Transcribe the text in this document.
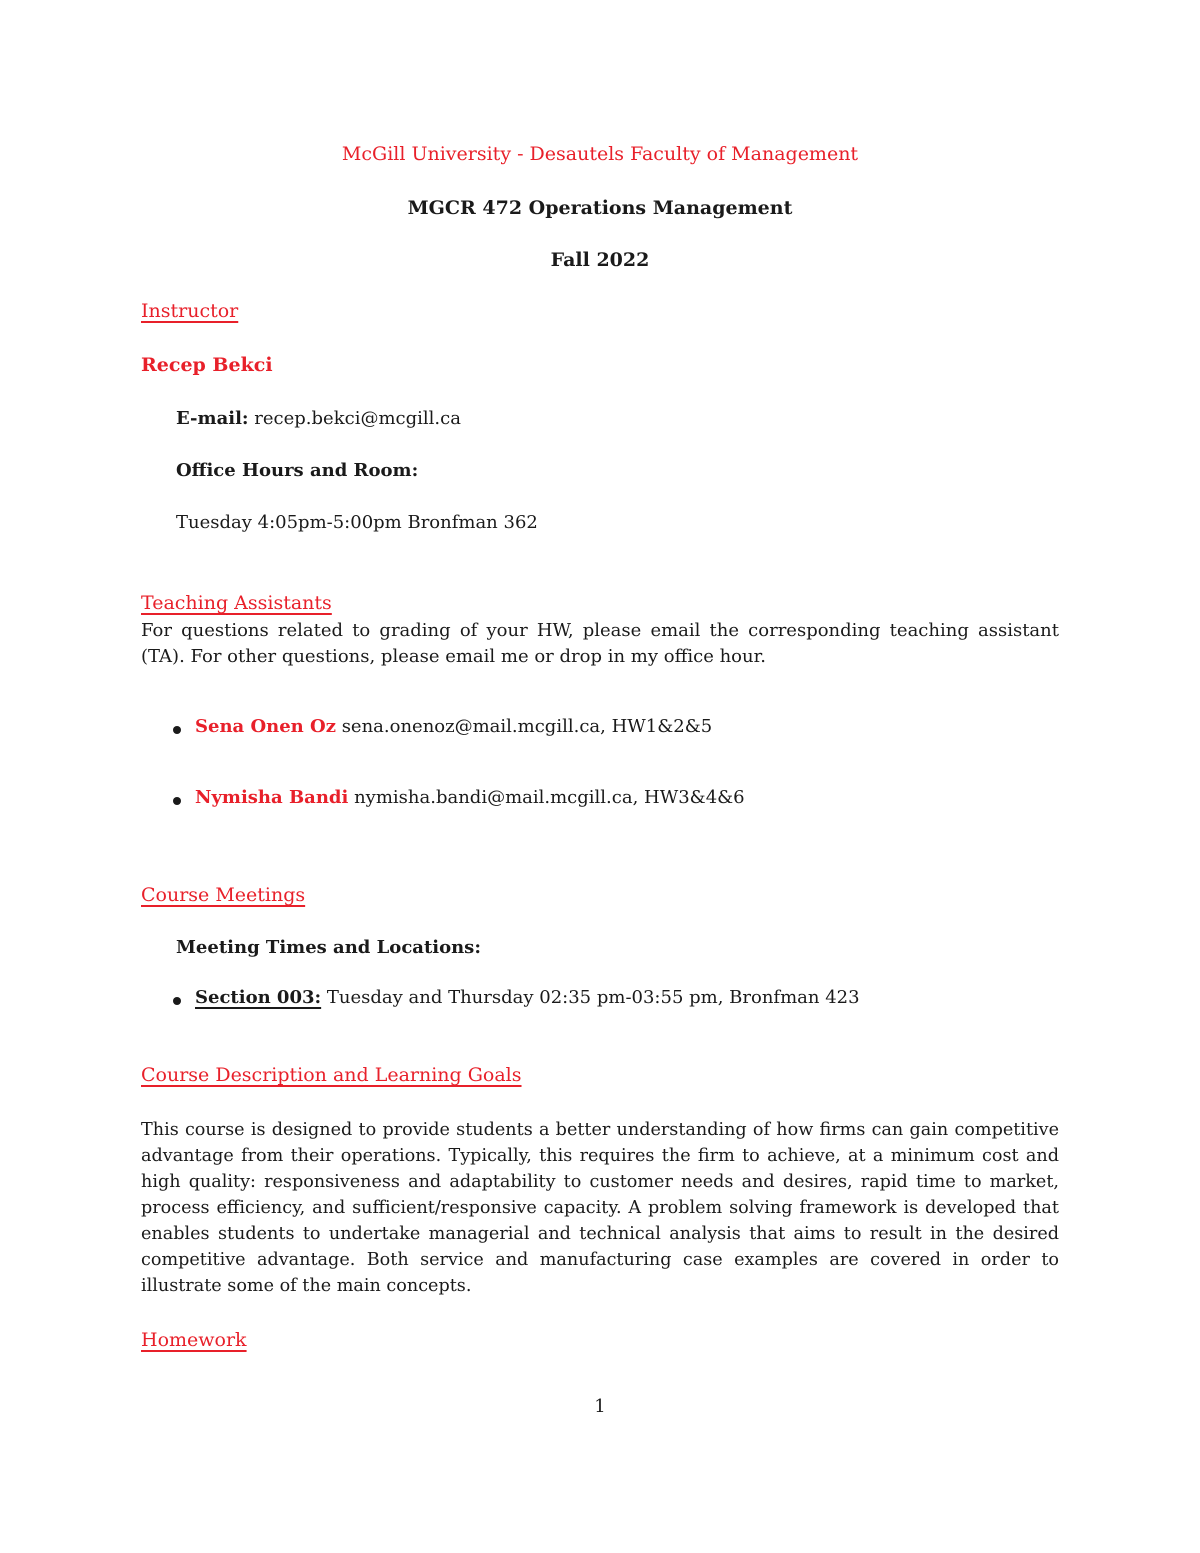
McGill University - Desautels Faculty of Management
MGCR 472 Operations Management
Fall 2022
Instructor
Recep Bekci
E-mail: recep.bekci@mcgill.ca
Office Hours and Room:
Tuesday 4:05pm-5:00pm Bronfman 362
Teaching Assistants
For questions related to grading of your HW, please email the corresponding teaching assistant
(TA). For other questions, please email me or drop in my office hour.
Sena Onen Oz sena.onenoz@mail.mcgill.ca, HW1&2&5
Nymisha Bandi nymisha.bandi@mail.mcgill.ca, HW3&4&6
Course Meetings
Meeting Times and Locations:
Section 003: Tuesday and Thursday 02:35 pm-03:55 pm, Bronfman 423
Course Description and Learning Goals
This course is designed to provide students a better understanding of how firms can gain competitive advantage from their operations. Typically, this requires the firm to achieve, at a minimum cost and high quality: responsiveness and adaptability to customer needs and desires, rapid time to market, process efficiency, and sufficient/responsive capacity. A problem solving framework is developed that enables students to undertake managerial and technical analysis that aims to result in the desired competitive advantage. Both service and manufacturing case examples are covered in order to illustrate some of the main concepts.
Homework
1
